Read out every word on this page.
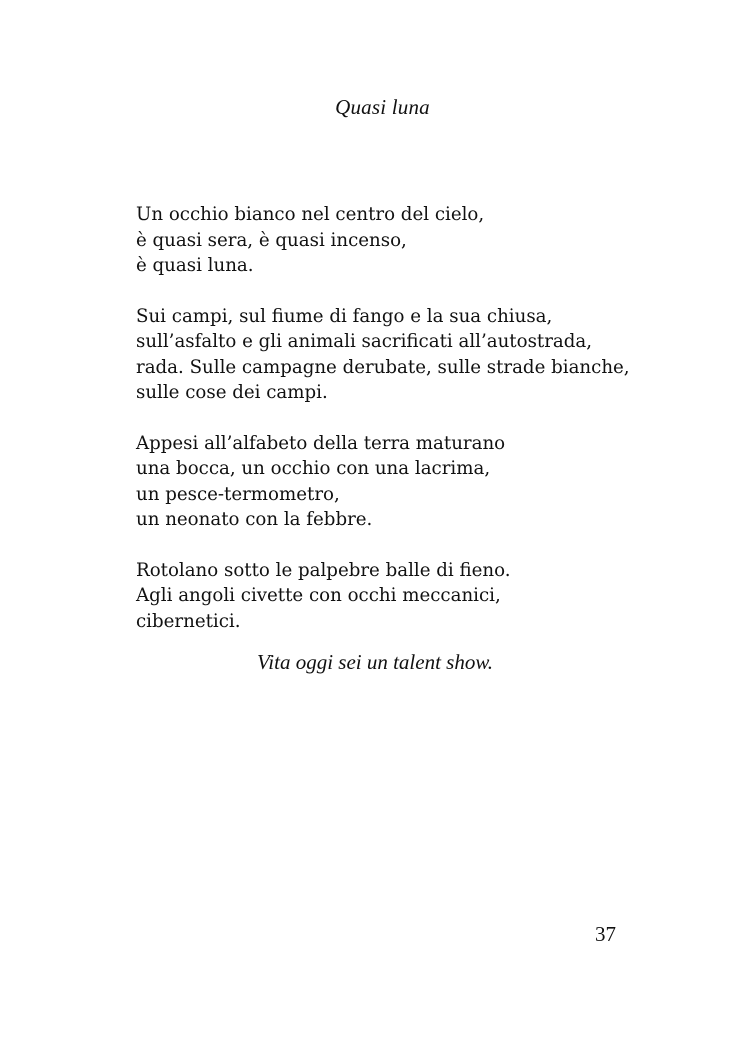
Quasi luna
Un occhio bianco nel centro del cielo,
è quasi sera, è quasi incenso,
è quasi luna.
Sui campi, sul fiume di fango e la sua chiusa,
sull’asfalto e gli animali sacrificati all’autostrada,
rada. Sulle campagne derubate, sulle strade bianche,
sulle cose dei campi.
Appesi all’alfabeto della terra maturano
una bocca, un occhio con una lacrima,
un pesce-termometro,
un neonato con la febbre.
Rotolano sotto le palpebre balle di fieno.
Agli angoli civette con occhi meccanici,
cibernetici.
Vita oggi sei un talent show.
37
